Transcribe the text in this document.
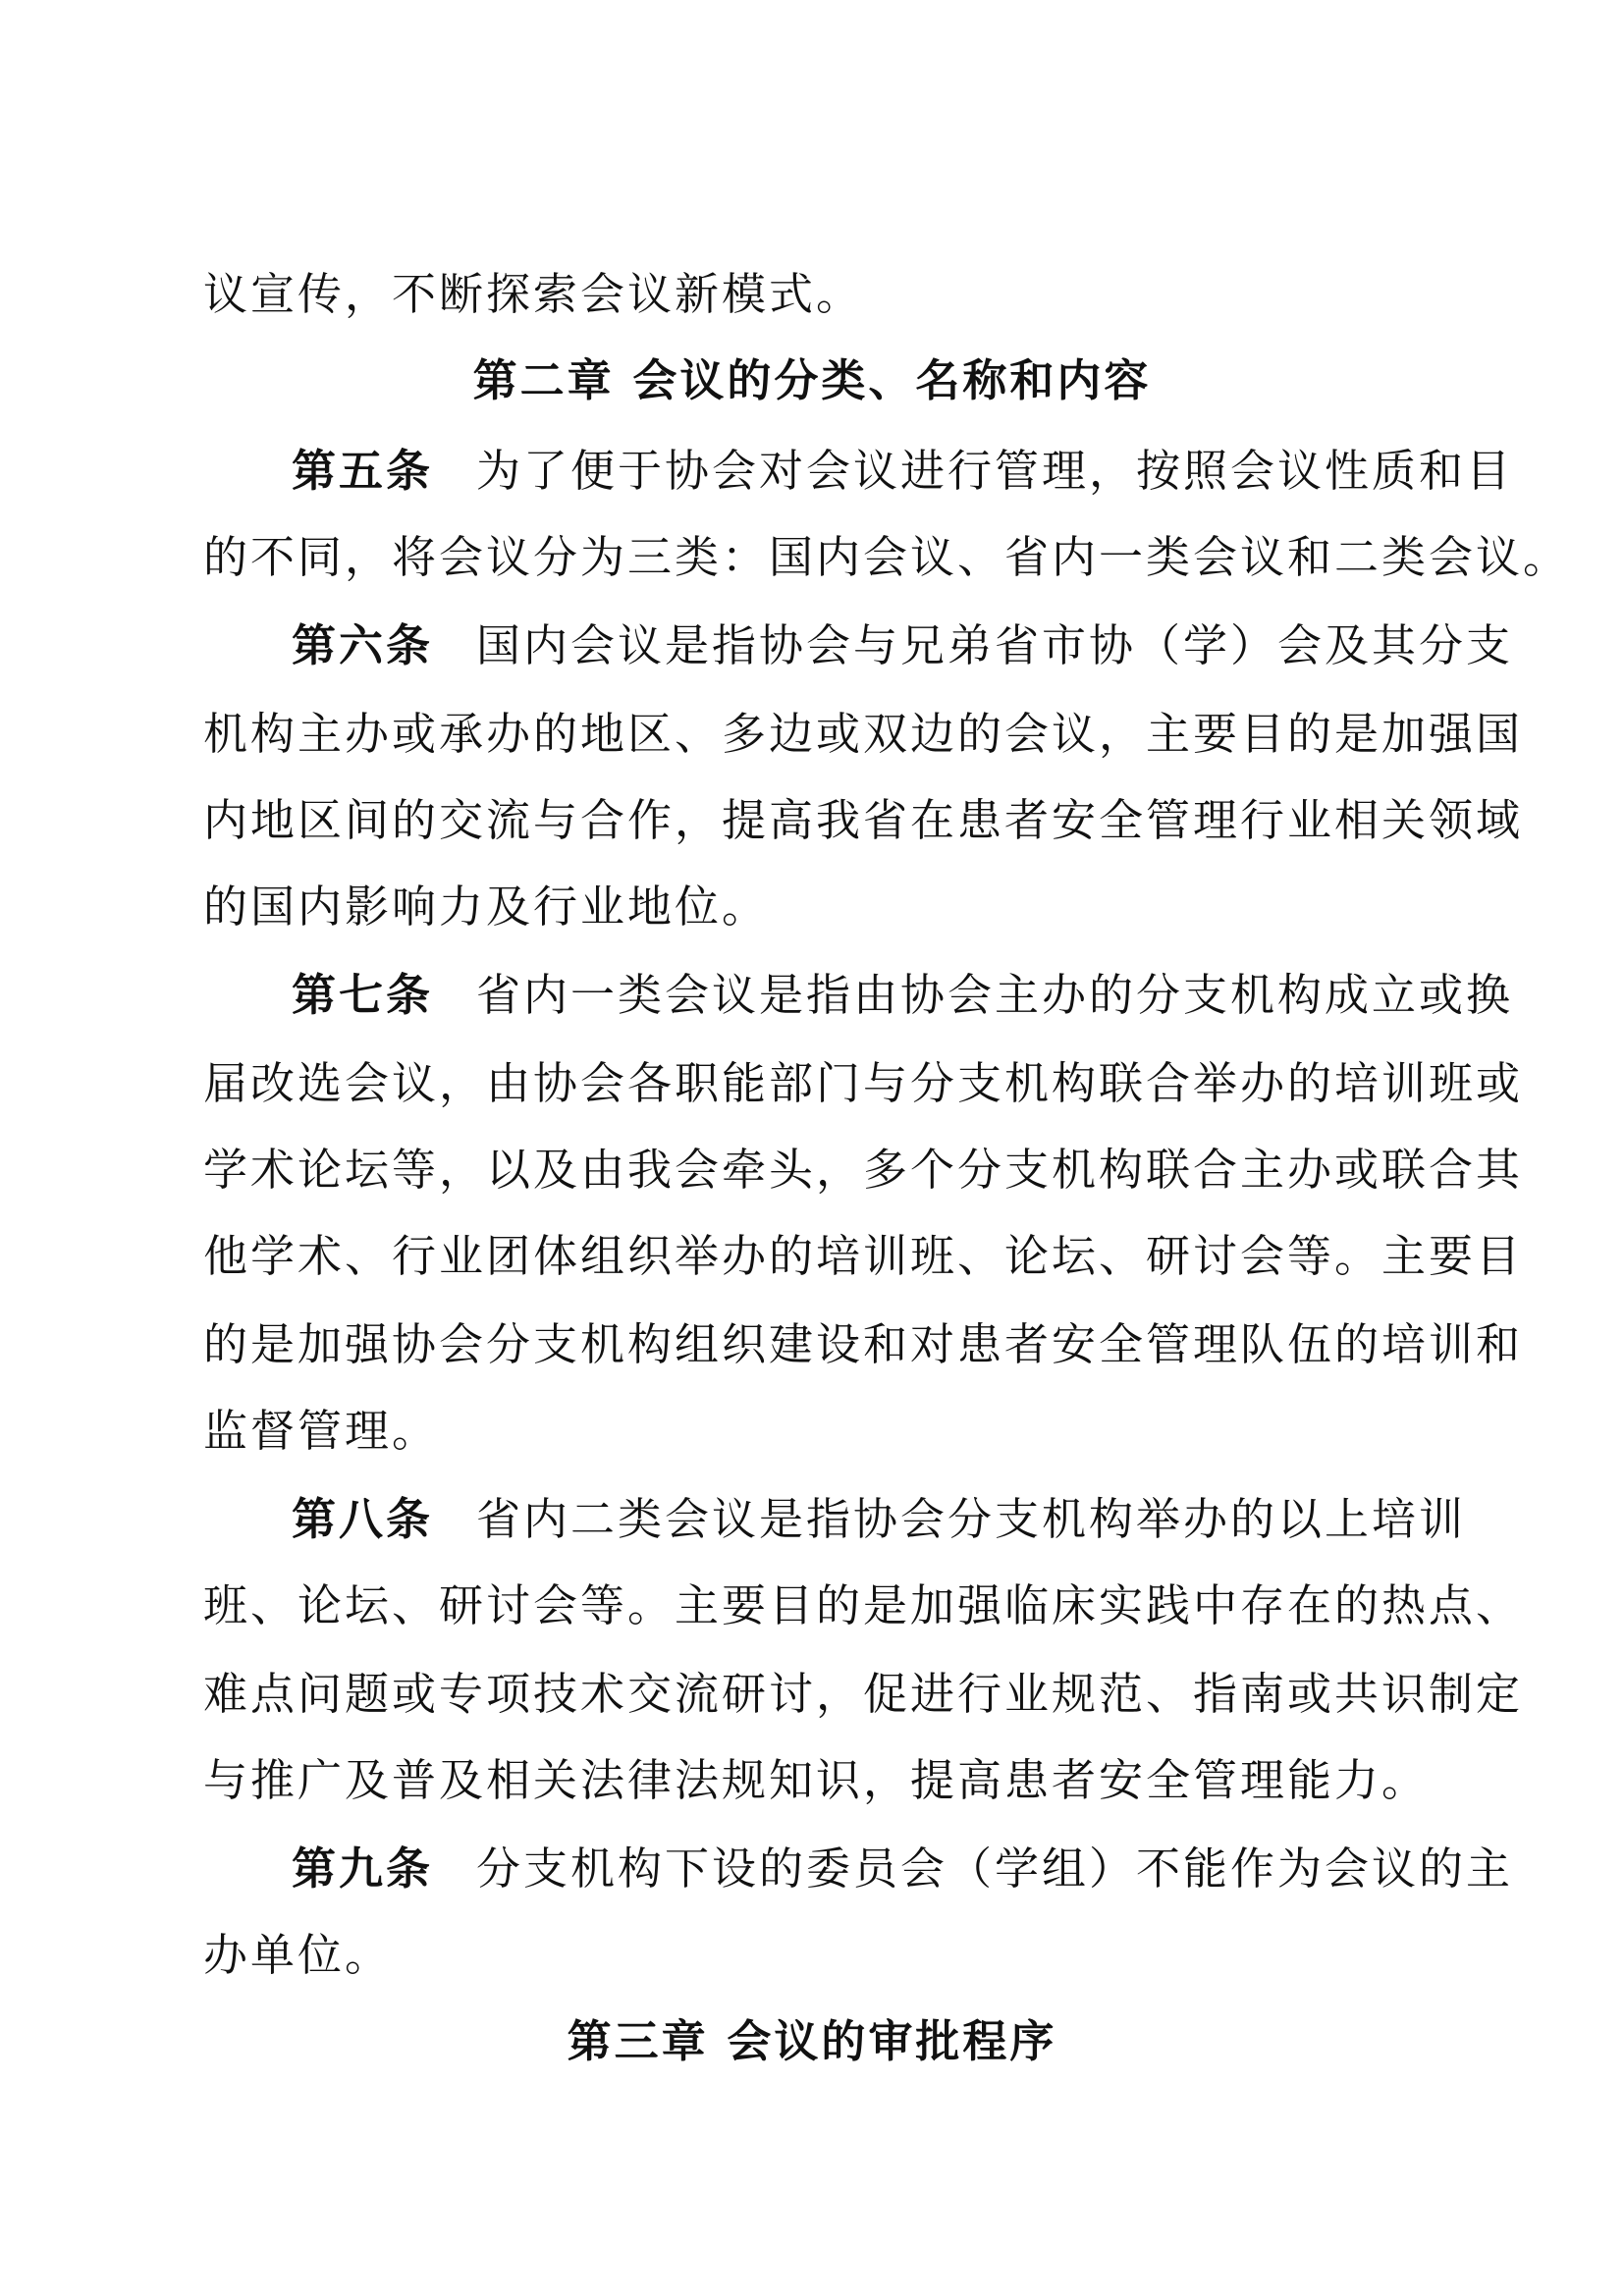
议宣传，不断探索会议新模式。
第二章 会议的分类、名称和内容
第五条 为了便于协会对会议进行管理，按照会议性质和目
的不同，将会议分为三类：国内会议、省内一类会议和二类会议。
第六条 国内会议是指协会与兄弟省市协（学）会及其分支
机构主办或承办的地区、多边或双边的会议，主要目的是加强国
内地区间的交流与合作，提高我省在患者安全管理行业相关领域
的国内影响力及行业地位。
第七条 省内一类会议是指由协会主办的分支机构成立或换
届改选会议，由协会各职能部门与分支机构联合举办的培训班或
学术论坛等，以及由我会牵头，多个分支机构联合主办或联合其
他学术、行业团体组织举办的培训班、论坛、研讨会等。主要目
的是加强协会分支机构组织建设和对患者安全管理队伍的培训和
监督管理。
第八条 省内二类会议是指协会分支机构举办的以上培训
班、论坛、研讨会等。主要目的是加强临床实践中存在的热点、
难点问题或专项技术交流研讨，促进行业规范、指南或共识制定
与推广及普及相关法律法规知识，提高患者安全管理能力。
第九条 分支机构下设的委员会（学组）不能作为会议的主
办单位。
第三章 会议的审批程序
